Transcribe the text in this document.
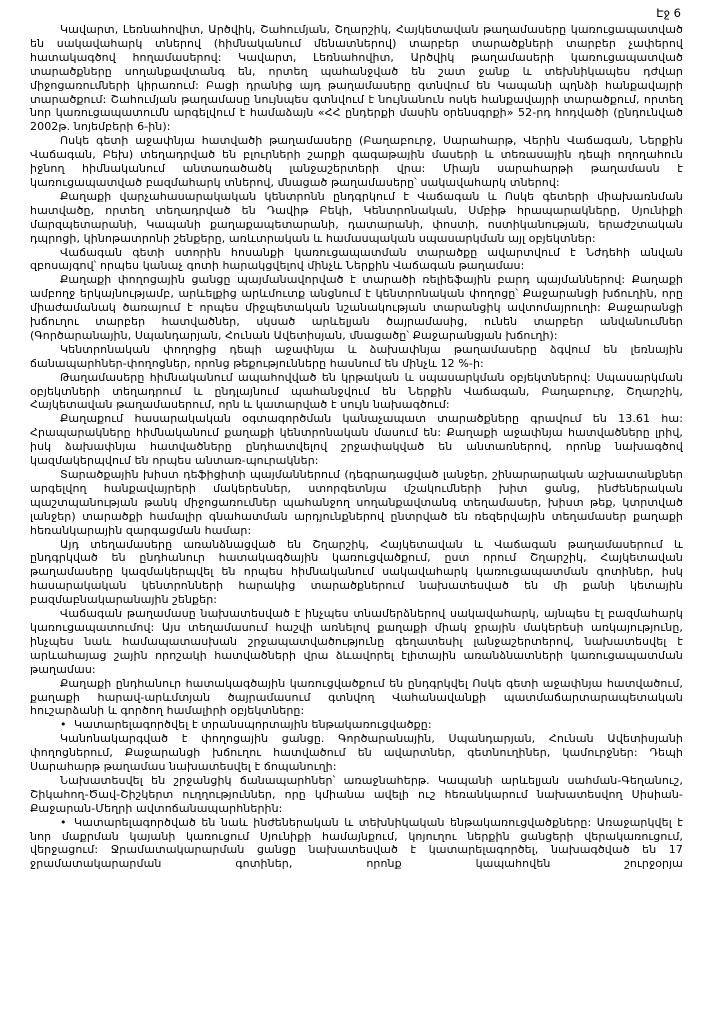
Էջ 6

Կավարտ, Լեռնահովիտ, Արծվիկ, Շահումյան, Շղարշիկ, Հայկետավան թաղամասերը կառուցապատված են սակավահարկ տներով (հիմնականում մենատներով) տարբեր տարածքների տարբեր չափերով հատակագծով հողամասերով: Կավարտ, Լեռնահովիտ, Արծվիկ թաղամասերի կառուցապատված տարածքները սողանքավտանգ են, որտեղ պահանջված են շատ ջանք և տեխնիկապես դժվար միջոցառումների կիրառում: Բացի դրանից այդ թաղամասերը գտնվում են Կապանի պղնձի հանքավայրի տարածքում: Շահումյան թաղամասը նույնպես գտնվում է նույնանուն ոսկե հանքավայրի տարածքում, որտեղ նոր կառուցապատումն արգելվում է համաձայն «ՀՀ ընդերքի մասին օրենսգրքի» 52-րդ հոդվածի (ընդունված 2002թ. նոյեմբերի 6-ին):

Ոսկե գետի աջափնյա հատվածի թաղամասերը (Բաղաբուրջ, Սարահարթ, Վերին Վաճագան, Ներքին Վաճագան, Բեխ) տեղադրված են բլուրների շարքի գագաթային մասերի և տեռասային դեպի ողողահուն իջնող հիմնականում անտառածածկ լանջաշերտերի վրա: Միայն սարահարթի թաղամասն է կառուցապատված բազմահարկ տներով, մնացած թաղամասերը՝ սակավահարկ տներով:

Քաղաքի վարչահասարակական կենտրոնն ընդգրկում է Վաճագան և Ոսկե գետերի միախառնման հատվածը, որտեղ տեղադրված են Դավիթ Բեկի, Կենտրոնական, Սմբիթ հրապարակները, Սյունիքի մարզպետարանի, Կապանի քաղաքապետարանի, դատարանի, փոստի, ոստիկանության, երաժշտական դպրոցի, կինոթատրոնի շենքերը, առևտրական և համասպական սպասարկման այլ օբյեկտներ:

Վաճագան գետի ստորին հոսանքի կառուցապատման տարածքը ավարտվում է Նժդեհի անվան զբոսայգով՝ որպես կանաչ գոտի հարակցվելով մինչև Ներքին Վաճագան թաղամաս:

Քաղաքի փողոցային ցանցը պայմանավորված է տարածի ռելիեֆային բարդ պայմաններով: Քաղաքի ամբողջ երկայնությամբ, արևելքից արևմուտք անցնում է կենտրոնական փողոցը՝ Քաջարանցի խճուղին, որը միաժամանակ ծառայում է որպես միջպետական նշանակության տարանցիկ ավտոմայրուղի: Քաջարանցի խճուղու տարբեր հատվածներ, սկսած արևելյան ծայրամասից, ունեն տարբեր անվանումներ (Գործարանային, Սպանդարյան, Հունան Ավետիսյան, մնացածը՝ Քաջարանցյան խճուղի):

Կենտրոնական փողոցից դեպի աջափնյա և ձախափնյա թաղամասերը ձգվում են լեռնային ճանապարհներ-փողոցներ, որոնց թեքությունները հասնում են մինչև 12 %-ի:

Թաղամասերը հիմնականում ապահովված են կրթական և սպասարկման օբյեկտներով: Սպասարկման օբյեկտների տեղադրում և ընդլայնում պահանջվում են Ներքին Վաճագան, Բաղաբուրջ, Շղարշիկ, Հայկետավան թաղամասերում, որն և կատարված է սույն նախագծում:

Քաղաքում հասարակական օգտագործման կանաչապատ տարածքները գրավում են 13.61 հա: Հրապարակները հիմնականում քաղաքի կենտրոնական մասում են: Քաղաքի աջափնյա հատվածները լրիվ, իսկ ձախափնյա հատվածները ընդհատվելով շրջափակված են անտառներով, որոնք նախագծով կազմակերպվում են որպես անտառ-պուրակներ:

Տարածքային խիստ դեֆիցիտի պայմաններում (դեգրադացված լանջեր, շինարարական աշխատանքներ արգելվող հանքավայրերի մակերեսներ, ստորգետնյա մշակումների խիտ ցանց, ինժեներական պաշտպանության թանկ միջոցառումներ պահանջող սողանքավտանգ տեղամասեր, խիստ թեք, կտրտված լանջեր) տարածքի համալիր գնահատման արդյունքներով ընտրված են ռեզերվային տեղամասեր քաղաքի հեռանկարային զարգացման համար:

Այդ տեղամասերը առանձնացված են Շղարշիկ, Հայկետավան և Վաճագան թաղամասերում և ընդգրկված են ընդհանուր հատակագծային կառուցվածքում, ըստ որում Շղարշիկ, Հայկետավան թաղամասերը կազմակերպվել են որպես հիմնականում սակավահարկ կառուցապատման գոտիներ, իսկ հասարակական կենտրոնների հարակից տարածքներում նախատեսված են մի քանի կետային բազմաբնակարանային շենքեր:

Վաճագան թաղամասը նախատեսված է ինչպես տնամերձներով սակավահարկ, այնպես էլ բազմահարկ կառուցապատումով: Այս տեղամասում հաշվի առնելով քաղաքի միակ ջրային մակերեսի առկայությունը, ինչպես նաև համապատասխան շրջապատվածությունը գեղատեսիլ լանջաշերտերով, նախատեսվել է արևահայաց շային որոշակի հատվածների վրա ձևավորել էլիտային առանձնատների կառուցապատման թաղամաս:

Քաղաքի ընդհանուր հատակագծային կառուցվածքում են ընդգրկվել Ոսկե գետի աջափնյա հատվածում, քաղաքի հարավ-արևմտյան ծայրամասում գտնվող Վահանավանքի պատմաճարտարապետական հուշարձանի և գործող համալիրի օբյեկտները:

• Կատարելագործվել է տրանսպորտային ենթակառուցվածքը:

Կանոնակարգված է փողոցային ցանցը. Գործարանային, Սպանդարյան, Հունան Ավետիսյանի փողոցներում, Քաջարանցի խճուղու հատվածում են ավարտներ, գետնուղիներ, կամուրջներ: Դեպի Սարահարթ թաղամաս նախատեսվել է ճոպանուղի:

Նախատեսվել են շրջանցիկ ճանապարհներ՝ առաջնահերթ. Կապանի արևելյան սահման-Գեղանուշ, Շիկահող-Ծավ-Շիշկերտ ուղղություններ, որը կմիանա ավելի ուշ հեռանկարում նախատեսվող Սիսիան-Քաջարան-Մեղրի ավտոճանապարհներին:

• Կատարելագործված են նաև ինժեներական և տեխնիկական ենթակառուցվածքները: Առաջարկվել է նոր մաքրման կայանի կառուցում Սյունիքի համայնքում, կոյուղու ներքին ցանցերի վերակառուցում, վերջացում: Ջրամատակարարման ցանցը նախատեսված է կատարելագործել, նախագծված են 17 ջրամատակարարման գոտիներ, որոնք կապահովեն շուրջօրյա
